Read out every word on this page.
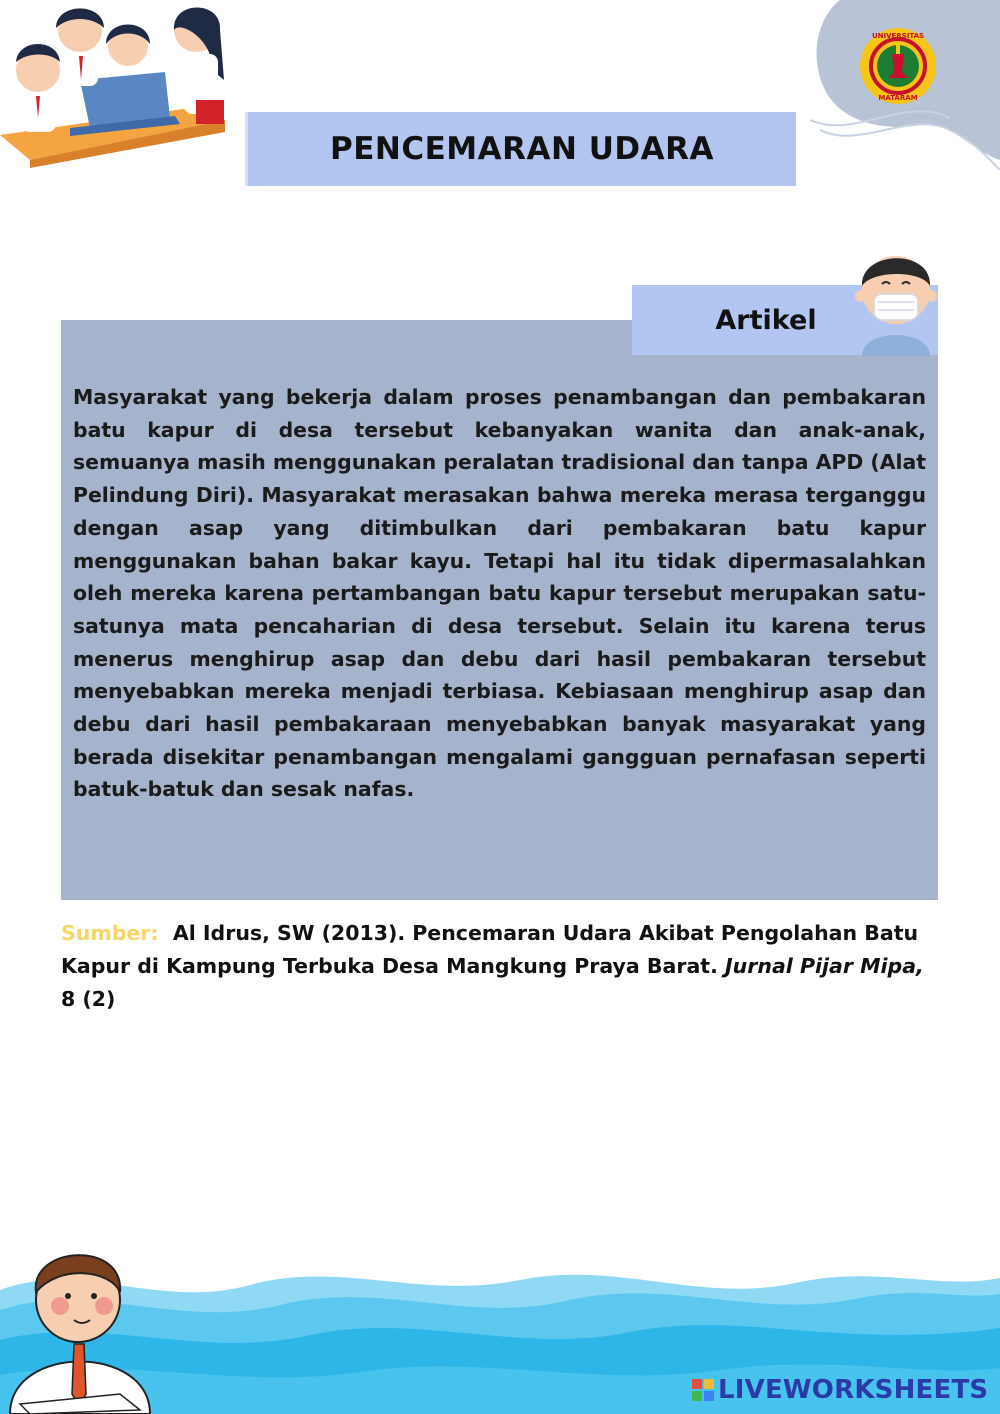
UNIVERSITAS
MATARAM
PENCEMARAN UDARA
Artikel
Masyarakat yang bekerja dalam proses penambangan dan pembakaran batu kapur di desa tersebut kebanyakan wanita dan anak-anak, semuanya masih menggunakan peralatan tradisional dan tanpa APD (Alat Pelindung Diri). Masyarakat merasakan bahwa mereka merasa terganggu dengan asap yang ditimbulkan dari pembakaran batu kapur menggunakan bahan bakar kayu. Tetapi hal itu tidak dipermasalahkan oleh mereka karena pertambangan batu kapur tersebut merupakan satu-satunya mata pencaharian di desa tersebut. Selain itu karena terus menerus menghirup asap dan debu dari hasil pembakaran tersebut menyebabkan mereka menjadi terbiasa. Kebiasaan menghirup asap dan debu dari hasil pembakaraan menyebabkan banyak masyarakat yang berada disekitar penambangan mengalami gangguan pernafasan seperti batuk-batuk dan sesak nafas.
Sumber: Al Idrus, SW (2013). Pencemaran Udara Akibat Pengolahan Batu Kapur di Kampung Terbuka Desa Mangkung Praya Barat. Jurnal Pijar Mipa, 8 (2)
LIVEWORKSHEETS
